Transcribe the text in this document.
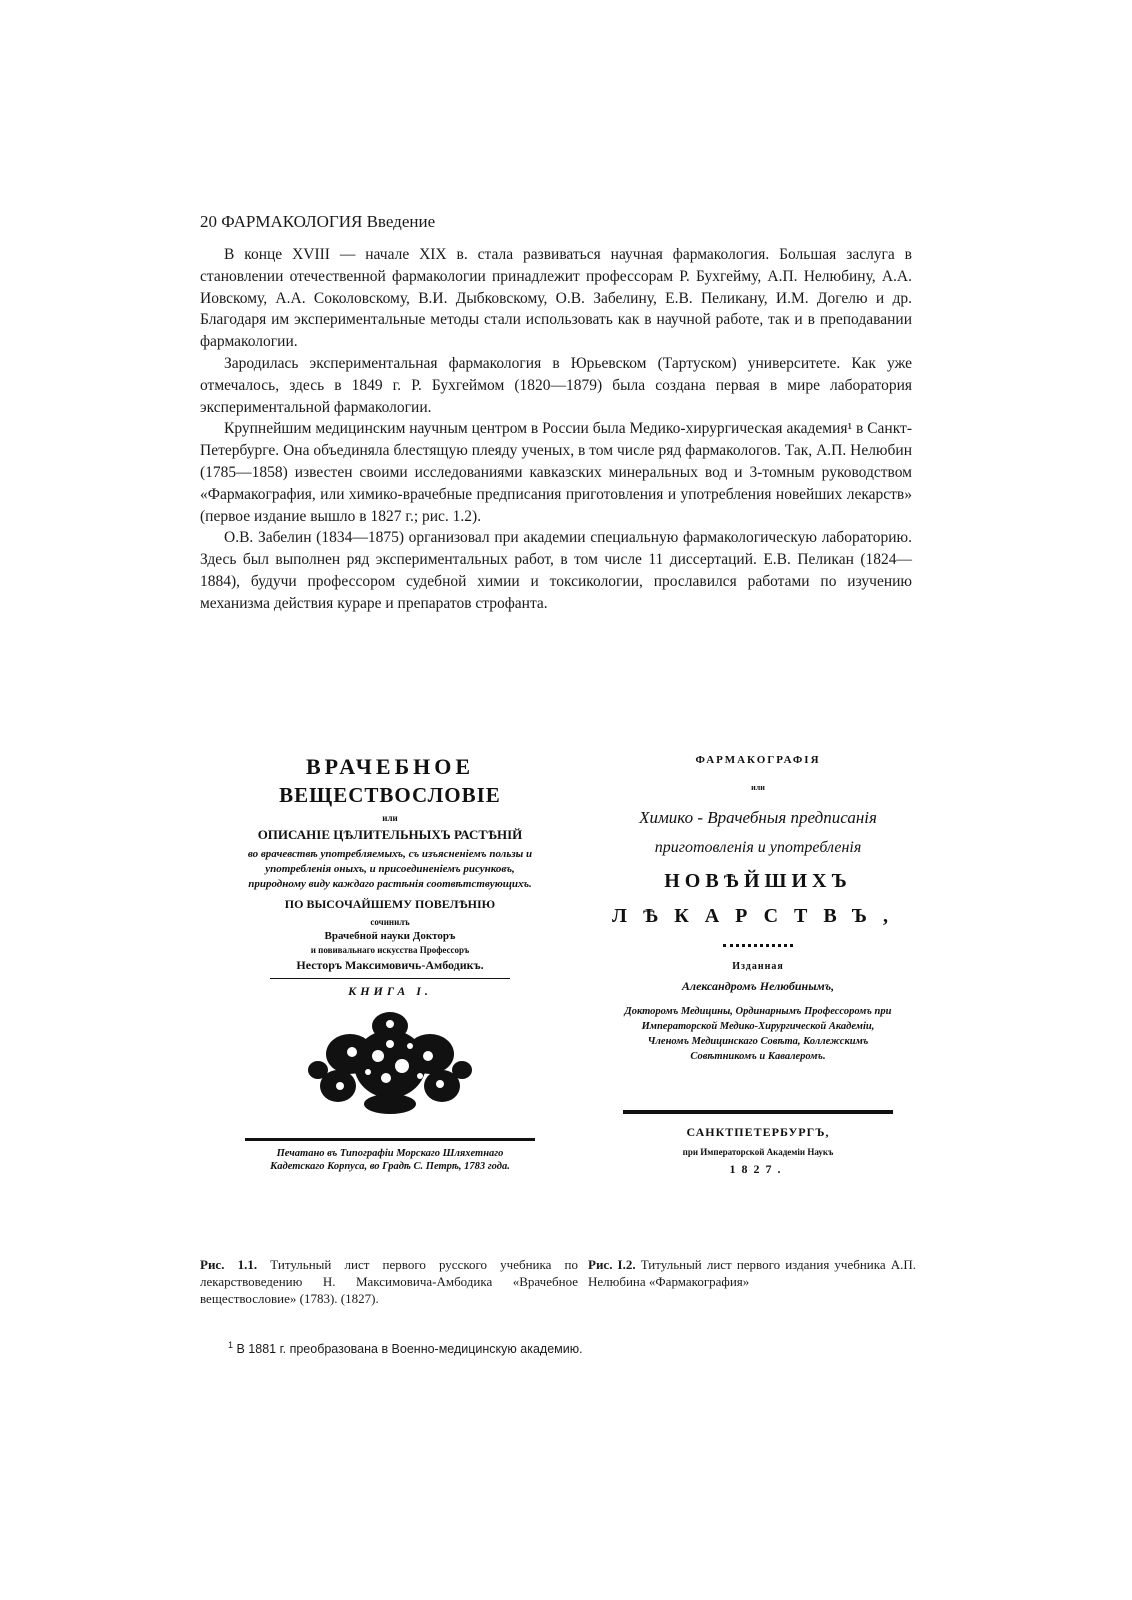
20 ФАРМАКОЛОГИЯ Введение

В конце XVIII — начале XIX в. стала развиваться научная фармакология. Большая заслуга в становлении отечественной фармакологии принадлежит профессорам Р. Бухгейму, А.П. Нелюбину, А.А. Иовскому, А.А. Соколовскому, В.И. Дыбковскому, О.В. Забелину, Е.В. Пеликану, И.М. Догелю и др. Благодаря им экспериментальные методы стали использовать как в научной работе, так и в преподавании фармакологии.

Зародилась экспериментальная фармакология в Юрьевском (Тартуском) университете. Как уже отмечалось, здесь в 1849 г. Р. Бухгеймом (1820—1879) была создана первая в мире лаборатория экспериментальной фармакологии.

Крупнейшим медицинским научным центром в России была Медико-хирургическая академия¹ в Санкт-Петербурге. Она объединяла блестящую плеяду ученых, в том числе ряд фармакологов. Так, А.П. Нелюбин (1785—1858) известен своими исследованиями кавказских минеральных вод и 3-томным руководством «Фармакография, или химико-врачебные предписания приготовления и употребления новейших лекарств» (первое издание вышло в 1827 г.; рис. 1.2).

О.В. Забелин (1834—1875) организовал при академии специальную фармакологическую лабораторию. Здесь был выполнен ряд экспериментальных работ, в том числе 11 диссертаций. Е.В. Пеликан (1824—1884), будучи профессором судебной химии и токсикологии, прославился работами по изучению механизма действия кураре и препаратов строфанта.

ВРАЧЕБНОЕ

ВЕЩЕСТВОСЛОВІЕ

или

ОПИСАНІЕ ЦѢЛИТЕЛЬНЫХЪ РАСТѢНІЙ

во врачевствѣ употребляемыхъ, съ изъясненіемъ пользы и употребленія оныхъ, и присоединеніемъ рисунковъ, природному виду каждаго растѣнія соотвѣтствующихъ.

ПО ВЫСОЧАЙШЕМУ ПОВЕЛѢНІЮ

сочинилъ

Врачебной науки Докторъ

и повивальнаго искусства Профессоръ

Несторъ Максимовичь-Амбодикъ.

КНИГА I.

Печатано въ Типографіи Морскаго Шляхетнаго Кадетскаго Корпуса, во Градѣ С. Петрѣ, 1783 года.

ФАРМАКОГРАФІЯ

или

Химико - Врачебныя предписанія

приготовленія и употребленія

НОВѢЙШИХЪ

ЛѢКАРСТВЪ,

Изданная

Александромъ Нелюбинымъ,

Докторомъ Медицины, Ординарнымъ Профессоромъ при Императорской Медико-Хирургической Академіи, Членомъ Медицинскаго Совѣта, Коллежскимъ Совѣтникомъ и Кавалеромъ.

САНКТПЕТЕРБУРГЪ,

при Императорской Академіи Наукъ

1827.

Рис. 1.1. Титульный лист первого русского учебника по лекарствоведению Н. Максимовича-Амбодика «Врачебное веществословие» (1783). (1827).
Рис. I.2. Титульный лист первого издания учебника А.П. Нелюбина «Фармакография»
$^1$ В 1881 г. преобразована в Военно-медицинскую академию.
